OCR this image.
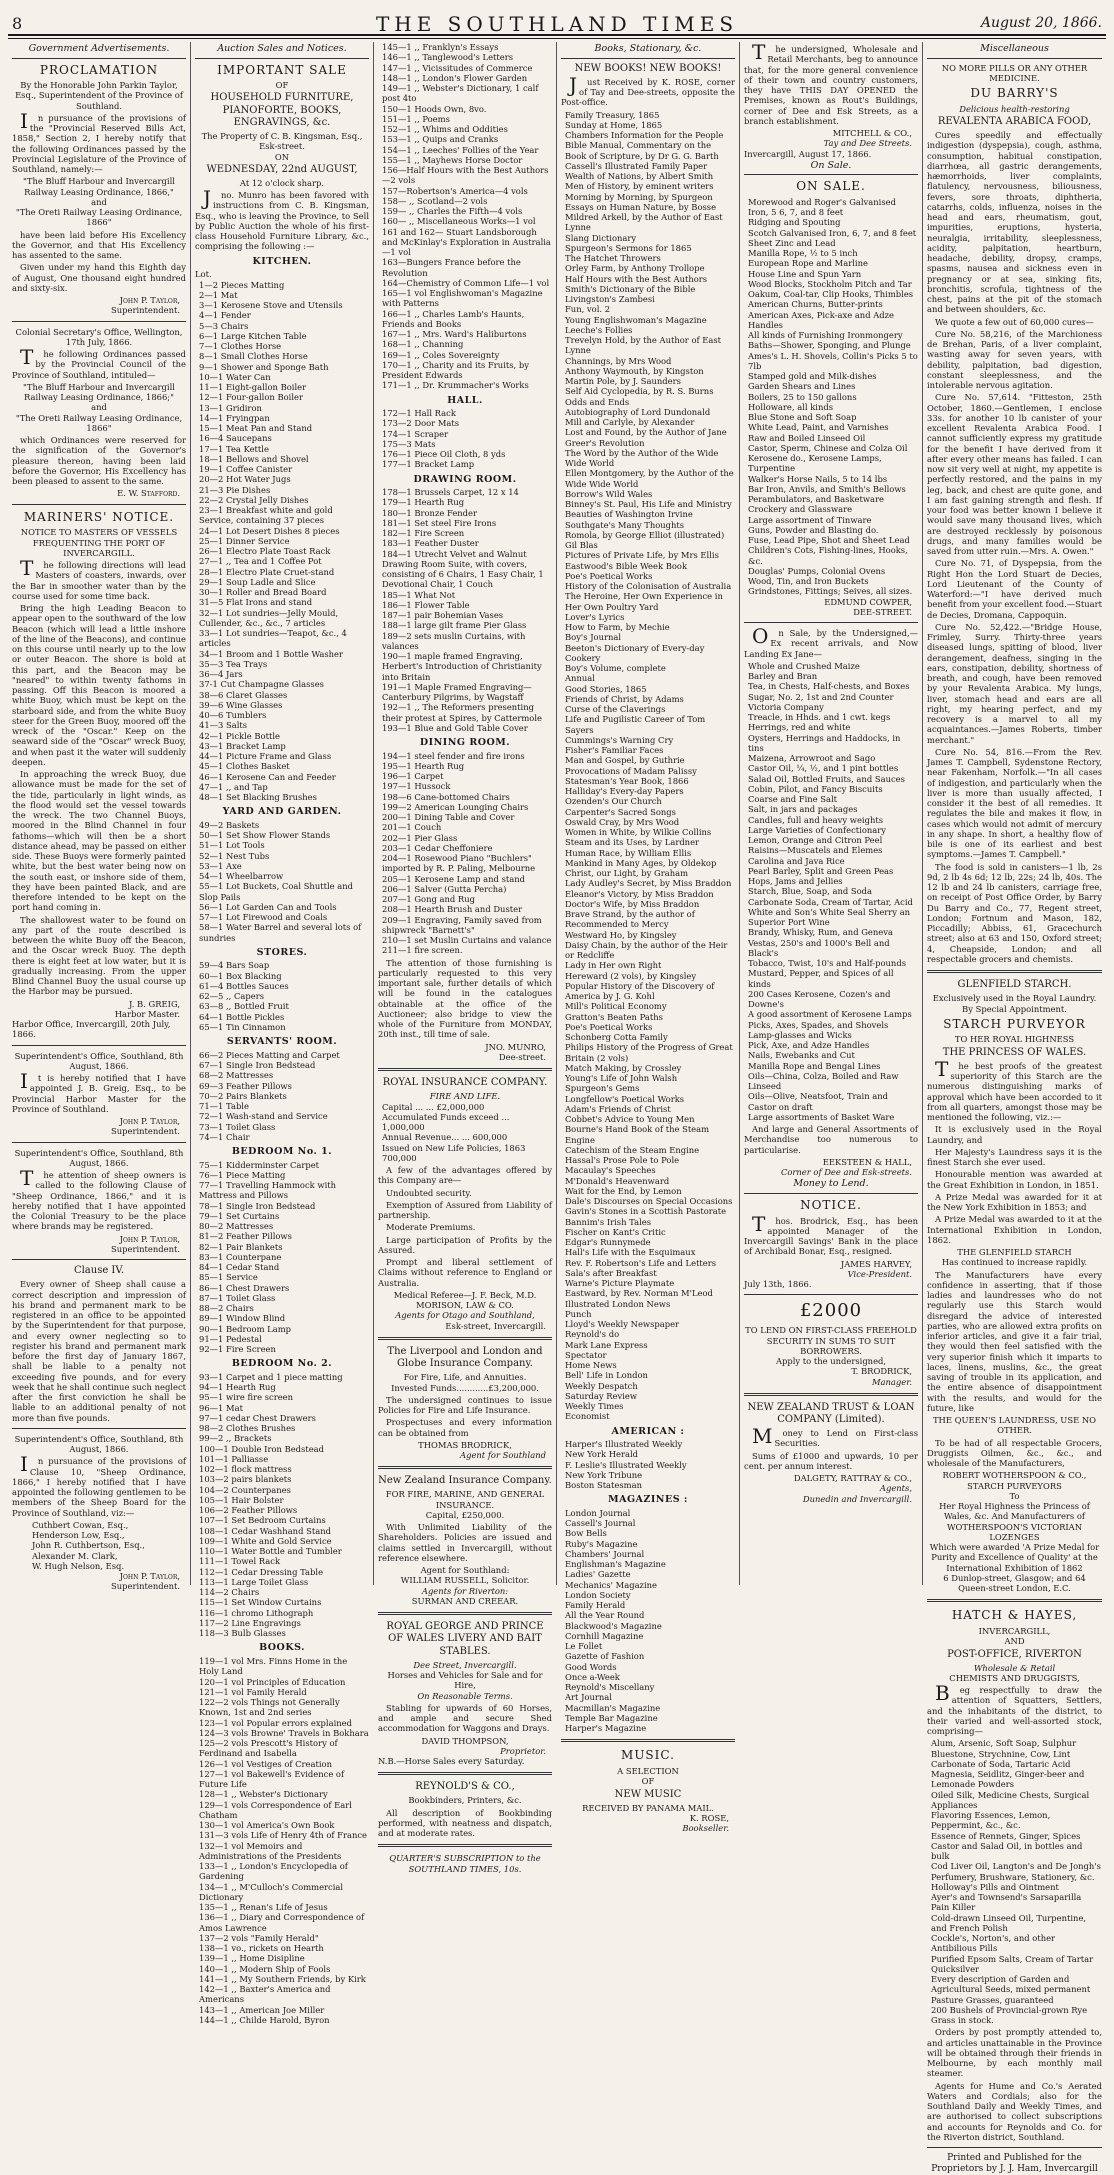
8	THE SOUTHLAND TIMES	August 20, 1866.
Government Advertisements.
PROCLAMATION
By the Honorable John Parkin Taylor, Esq., Superintendent of the Province of Southland.
In pursuance of the provisions of the "Provincial Reserved Bills Act, 1858," Section 2, I hereby notify that the following Ordinances passed by the Provincial Legislature of the Province of Southland, namely:—
"The Bluff Harbour and Invercargill Railway Leasing Ordinance, 1866,"
and
"The Oreti Railway Leasing Ordinance, 1866"
have been laid before His Excellency the Governor, and that His Excellency has assented to the same.
Given under my hand this Eighth day of August, One thousand eight hundred and sixty-six.
John P. Taylor,
Superintendent.
Colonial Secretary's Office, Wellington, 17th July, 1866.
The following Ordinances passed by the Provincial Council of the Province of Southland, intituled—
"The Bluff Harbour and Invercargill Railway Leasing Ordinance, 1866;"
and
"The Oreti Railway Leasing Ordinance, 1866"
which Ordinances were reserved for the signification of the Governor's pleasure thereon, having been laid before the Governor, His Excellency has been pleased to assent to the same.
E. W. Stafford.
MARINERS' NOTICE.
NOTICE TO MASTERS OF VESSELS FREQUENTING THE PORT OF INVERCARGILL.
The following directions will lead Masters of coasters, inwards, over the Bar in smoother water than by the course used for some time back.
Bring the high Leading Beacon to appear open to the southward of the low Beacon (which will lead a little inshore of the line of the Beacons), and continue on this course until nearly up to the low or outer Beacon. The shore is bold at this part, and the Beacon may be "neared" to within twenty fathoms in passing. Off this Beacon is moored a white Buoy, which must be kept on the starboard side, and from the white Buoy steer for the Green Buoy, moored off the wreck of the "Oscar." Keep on the seaward side of the "Oscar" wreck Buoy, and when past it the water will suddenly deepen.
In approaching the wreck Buoy, due allowance must be made for the set of the tide, particularly in light winds, as the flood would set the vessel towards the wreck. The two Channel Buoys, moored in the Blind Channel in four fathoms—which will then be a short distance ahead, may be passed on either side. These Buoys were formerly painted white, but the best water being now on the south east, or inshore side of them, they have been painted Black, and are therefore intended to be kept on the port hand coming in.
The shallowest water to be found on any part of the route described is between the white Buoy off the Beacon, and the Oscar wreck Buoy. The depth there is eight feet at low water, but it is gradually increasing. From the upper Blind Channel Buoy the usual course up the Harbor may be pursued.
J. B. GREIG,
Harbor Master.
Harbor Office, Invercargill, 20th July, 1866.
Superintendent's Office, Southland, 8th August, 1866.
It is hereby notified that I have appointed J. B. Greig, Esq., to be Provincial Harbor Master for the Province of Southland.
John P. Taylor,
Superintendent.
Superintendent's Office, Southland, 8th August, 1866.
The attention of sheep owners is called to the following Clause of "Sheep Ordinance, 1866," and it is hereby notified that I have appointed the Colonial Treasury to be the place where brands may be registered.
John P. Taylor,
Superintendent.
Clause IV.
Every owner of Sheep shall cause a correct description and impression of his brand and permanent mark to be registered in an office to be appointed by the Superintendent for that purpose, and every owner neglecting so to register his brand and permanent mark before the first day of January 1867, shall be liable to a penalty not exceeding five pounds, and for every week that he shall continue such neglect after the first conviction he shall be liable to an additional penalty of not more than five pounds.
Superintendent's Office, Southland, 8th August, 1866.
In pursuance of the provisions of Clause 10, "Sheep Ordinance, 1866," I hereby notified that I have appointed the following gentlemen to be members of the Sheep Board for the Province of Southland, viz:—
Cuthbert Cowan, Esq.,
Henderson Low, Esq.,
John R. Cuthbertson, Esq.,
Alexander M. Clark,
W. Hugh Nelson, Esq.
John P. Taylor,
Superintendent.
Auction Sales and Notices.
IMPORTANT SALE
OF
HOUSEHOLD FURNITURE, PIANOFORTE, BOOKS, ENGRAVINGS, &c.
The Property of C. B. Kingsman, Esq., Esk-street.
ON
WEDNESDAY, 22nd AUGUST,
At 12 o'clock sharp.
Jno. Munro has been favored with instructions from C. B. Kingsman, Esq., who is leaving the Province, to Sell by Public Auction the whole of his first-class Household Furniture Library, &c., comprising the following :—
KITCHEN.
Lot.
1—2 Pieces Matting
2—1 Mat
3—1 Kerosene Stove and Utensils
4—1 Fender
5—3 Chairs
6—1 Large Kitchen Table
7—1 Clothes Horse
8—1 Small Clothes Horse
9—1 Shower and Sponge Bath
10—1 Water Can
11—1 Eight-gallon Boiler
12—1 Four-gallon Boiler
13—1 Gridiron
14—1 Fryingpan
15—1 Meat Pan and Stand
16—4 Saucepans
17—1 Tea Kettle
18—1 Bellows and Shovel
19—1 Coffee Canister
20—2 Hot Water Jugs
21—3 Pie Dishes
22—2 Crystal Jelly Dishes
23—1 Breakfast white and gold Service, containing 37 pieces
24—1 Lot Desert Dishes 8 pieces
25—1 Dinner Service
26—1 Electro Plate Toast Rack
27—1 ,, Tea and 1 Coffee Pot
28—1 Electro Plate Cruet-stand
29—1 Soup Ladle and Slice
30—1 Roller and Bread Board
31—5 Flat Irons and stand
32—1 Lot sundries—Jelly Mould, Cullender, &c., &c., 7 articles
33—1 Lot sundries—Teapot, &c., 4 articles
34—1 Broom and 1 Bottle Washer
35—3 Tea Trays
36—4 Jars
37-1 Cut Champagne Glasses
38—6 Claret Glasses
39—6 Wine Glasses
40—6 Tumblers
41—3 Salts
42—1 Pickle Bottle
43—1 Bracket Lamp
44—1 Picture Frame and Glass
45—1 Clothes Basket
46—1 Kerosene Can and Feeder
47—1 ,, and Tap
48—1 Set Blacking Brushes
YARD AND GARDEN.
49—2 Baskets
50—1 Set Show Flower Stands
51—1 Lot Tools
52—1 Nest Tubs
53—1 Axe
54—1 Wheelbarrow
55—1 Lot Buckets, Coal Shuttle and Slop Pails
56—1 Lot Garden Can and Tools
57—1 Lot Firewood and Coals
58—1 Water Barrel and several lots of sundries
STORES.
59—4 Bars Soap
60—1 Box Blacking
61—4 Bottles Sauces
62—5 ,, Capers
63—8 ,, Bottled Fruit
64—1 Bottle Pickles
65—1 Tin Cinnamon
SERVANTS' ROOM.
66—2 Pieces Matting and Carpet
67—1 Single Iron Bedstead
68—2 Mattresses
69—3 Feather Pillows
70—2 Pairs Blankets
71—1 Table
72—1 Wash-stand and Service
73—1 Toilet Glass
74—1 Chair
BEDROOM No. 1.
75—1 Kidderminster Carpet
76—1 Piece Matting
77—1 Travelling Hammock with Mattress and Pillows
78—1 Single Iron Bedstead
79—1 Set Curtains
80—2 Mattresses
81—2 Feather Pillows
82—1 Pair Blankets
83—1 Counterpane
84—1 Cedar Stand
85—1 Service
86—1 Chest Drawers
87—1 Toilet Glass
88—2 Chairs
89—1 Window Blind
90—1 Bedroom Lamp
91—1 Pedestal
92—1 Fire Screen
BEDROOM No. 2.
93—1 Carpet and 1 piece matting
94—1 Hearth Rug
95—1 wire fire screen
96—1 Mat
97—1 cedar Chest Drawers
98—2 Clothes Brushes
99—2 ,, Brackets
100—1 Double Iron Bedstead
101—1 Palliasse
102—1 flock mattress
103—2 pairs blankets
104—2 Counterpanes
105—1 Hair Bolster
106—2 Feather Pillows
107—1 Set Bedroom Curtains
108—1 Cedar Washhand Stand
109—1 White and Gold Service
110—1 Water Bottle and Tumbler
111—1 Towel Rack
112—1 Cedar Dressing Table
113—1 Large Toilet Glass
114—2 Chairs
115—1 Set Window Curtains
116—1 chromo Lithograph
117—2 Line Engravings
118—3 Bulb Glasses
BOOKS.
119—1 vol Mrs. Finns Home in the Holy Land
120—1 vol Principles of Education
121—1 vol Family Herald
122—2 vols Things not Generally Known, 1st and 2nd series
123—1 vol Popular errors explained
124—3 vols Browne' Travels in Bokhara
125—2 vols Prescott's History of Ferdinand and Isabella
126—1 vol Vestiges of Creation
127—1 vol Bakewell's Evidence of Future Life
128—1 ,, Webster's Dictionary
129—1 vols Correspondence of Earl Chatham
130—1 vol America's Own Book
131—3 vols Life of Henry 4th of France
132—1 vol Memoirs and Administrations of the Presidents
133—1 ,, London's Encyclopedia of Gardening
134—1 ,, M'Culloch's Commercial Dictionary
135—1 ,, Renan's Life of Jesus
136—1 ,, Diary and Correspondence of Amos Lawrence
137—2 vols "Family Herald"
138—1 vo., rickets on Hearth
139—1 ,, Home Disipline
140—1 ,, Modern Ship of Fools
141—1 ,, My Southern Friends, by Kirk
142—1 ,, Baxter's America and Americans
143—1 ,, American Joe Miller
144—1 ,, Childe Harold, Byron
145—1 ,, Franklyn's Essays
146—1 ,, Tanglewood's Letters
147—1 ,, Vicissitudes of Commerce
148—1 ,, London's Flower Garden
149—1 ,, Webster's Dictionary, 1 calf post 4to
150—1 Hoods Own, 8vo.
151—1 ,, Poems
152—1 ,, Whims and Oddities
153—1 ,, Quips and Cranks
154—1 ,, Leeches' Follies of the Year
155—1 ,, Mayhews Horse Doctor
156—Half Hours with the Best Authors—2 vols
157—Robertson's America—4 vols
158— ,, Scotland—2 vols
159— ,, Charles the Fifth—4 vols
160— ,, Miscellaneous Works—1 vol
161 and 162— Stuart Landsborough and McKinlay's Exploration in Australia —1 vol
163—Bungers France before the Revolution
164—Chemistry of Common Life—1 vol
165—1 vol Englishwoman's Magazine with Patterns
166—1 ,, Charles Lamb's Haunts, Friends and Books
167—1 ,, Mrs. Ward's Haliburtons
168—1 ,, Channing
169—1 ,, Coles Sovereignty
170—1 ,, Charity and its Fruits, by President Edwards
171—1 ,, Dr. Krummacher's Works
HALL.
172—1 Hall Rack
173—2 Door Mats
174—1 Scraper
175—3 Mats
176—1 Piece Oil Cloth, 8 yds
177—1 Bracket Lamp
DRAWING ROOM.
178—1 Brussels Carpet, 12 x 14
179—1 Hearth Rug
180—1 Bronze Fender
181—1 Set steel Fire Irons
182—1 Fire Screen
183—1 Feather Duster
184—1 Utrecht Velvet and Walnut Drawing Room Suite, with covers, consisting of 6 Chairs, 1 Easy Chair, 1 Devotional Chair, 1 Couch
185—1 What Not
186—1 Flower Table
187—1 pair Bohemian Vases
188—1 large gilt frame Pier Glass
189—2 sets muslin Curtains, with valances
190—1 maple framed Engraving, Herbert's Introduction of Christianity into Britain
191—1 Maple Framed Engraving—Canterbury Pilgrims, by Wagstaff
192—1 ,, The Reformers presenting their protest at Spires, by Cattermole
193—1 Blue and Gold Table Cover
DINING ROOM.
194—1 steel fender and fire irons
195—1 Hearth Rug
196—1 Carpet
197—1 Hussock
198—6 Cane-bottomed Chairs
199—2 American Lounging Chairs
200—1 Dining Table and Cover
201—1 Couch
202—1 Pier Glass
203—1 Cedar Cheffoniere
204—1 Rosewood Piano "Buchlers" imported by R. P. Paling, Melbourne
205—1 Kerosene Lamp and stand
206—1 Salver (Gutta Percha)
207—1 Gong and Rug
208—1 Hearth Brush and Duster
209—1 Engraving, Family saved from shipwreck "Barnett's"
210—1 set Muslin Curtains and valance
211—1 fire screen.
The attention of those furnishing is particularly requested to this very important sale, further details of which will be found in the catalogues obtainable at the office of the Auctioneer; also bridge to view the whole of the Furniture from MONDAY, 20th inst., till time of sale.
JNO. MUNRO,
Dee-street.
ROYAL INSURANCE COMPANY.
FIRE AND LIFE.
Capital ... ... £2,000,000
Accumulated Funds exceed ... 1,000,000
Annual Revenue... ... 600,000
Issued on New Life Policies, 1863 700,000
A few of the advantages offered by this Company are—
Undoubted security.
Exemption of Assured from Liability of partnership.
Moderate Premiums.
Large participation of Profits by the Assured.
Prompt and liberal settlement of Claims without reference to England or Australia.
Medical Referee—J. F. Beck, M.D.
MORISON, LAW & CO.
Agents for Otago and Southland,
Esk-street, Invercargill.
The Liverpool and London and Globe Insurance Company.
For Fire, Life, and Annuities.
Invested Funds............£3,200,000.
The undersigned continues to issue Policies for Fire and Life Insurance.
Prospectuses and every information can be obtained from
THOMAS BRODRICK,
Agent for Southland
New Zealand Insurance Company.
FOR FIRE, MARINE, AND GENERAL INSURANCE.
Capital, £250,000.
With Unlimited Liability of the Shareholders. Policies are issued and claims settled in Invercargill, without reference elsewhere.
Agent for Southland:
WILLIAM RUSSELL, Solicitor.
Agents for Riverton:
SURMAN AND CREEAR.
ROYAL GEORGE AND PRINCE OF WALES LIVERY AND BAIT STABLES.
Dee Street, Invercargill.
Horses and Vehicles for Sale and for Hire,
On Reasonable Terms.
Stabling for upwards of 60 Horses, and ample and secure Shed accommodation for Waggons and Drays.
DAVID THOMPSON,
Proprietor.
N.B.—Horse Sales every Saturday.
REYNOLD'S & CO.,
Bookbinders, Printers, &c.
All description of Bookbinding performed, with neatness and dispatch, and at moderate rates.
QUARTER'S SUBSCRIPTION to the SOUTHLAND TIMES, 10s.
Books, Stationary, &c.
NEW BOOKS! NEW BOOKS!
Just Received by K. ROSE, corner of Tay and Dee-streets, opposite the Post-office.
Family Treasury, 1865
Sunday at Home, 1865
Chambers Information for the People
Bible Manual, Commentary on the Book of Scripture, by Dr G. G. Barth
Cassell's Illustrated Family Paper
Wealth of Nations, by Albert Smith
Men of History, by eminent writers
Morning by Morning, by Spurgeon
Essays on Human Nature, by Bosse
Mildred Arkell, by the Author of East Lynne
Slang Dictionary
Spurgeon's Sermons for 1865
The Hatchet Throwers
Orley Farm, by Anthony Trollope
Half Hours with the Best Authors
Smith's Dictionary of the Bible
Livingston's Zambesi
Fun, vol. 2
Young Englishwoman's Magazine
Leeche's Follies
Trevelyn Hold, by the Author of East Lynne
Channings, by Mrs Wood
Anthony Waymouth, by Kingston
Martin Pole, by J. Saunders
Self Aid Cyclopedia, by R. S. Burns
Odds and Ends
Autobiography of Lord Dundonald
Mill and Carlyle, by Alexander
Lost and Found, by the Author of Jane Greer's Revolution
The Word by the Author of the Wide Wide World
Ellen Montgomery, by the Author of the Wide Wide World
Borrow's Wild Wales
Binney's St. Paul, His Life and Ministry
Beauties of Washington Irvine
Southgate's Many Thoughts
Romola, by George Elliot (illustrated)
Gil Blas
Pictures of Private Life, by Mrs Ellis
Eastwood's Bible Week Book
Poe's Poetical Works
History of the Colonisation of Australia
The Heroine, Her Own Experience in Her Own Poultry Yard
Lover's Lyrics
How to Farm, by Mechie
Boy's Journal
Beeton's Dictionary of Every-day Cookery
Boy's Volume, complete
Annual
Good Stories, 1865
Friends of Christ, by Adams
Curse of the Claverings
Life and Pugilistic Career of Tom Sayers
Cummings's Warning Cry
Fisher's Familiar Faces
Man and Gospel, by Guthrie
Provocations of Madam Palissy
Statesman's Year Book, 1866
Halliday's Every-day Papers
Ozenden's Our Church
Carpenter's Sacred Songs
Oswald Cray, by Mrs Wood
Women in White, by Wilkie Collins
Steam and its Uses, by Lardner
Human Race, by William Ellis
Mankind in Many Ages, by Oldekop
Christ, our Light, by Graham
Lady Audley's Secret, by Miss Braddon
Eleanor's Victory, by Miss Braddon
Doctor's Wife, by Miss Braddon
Brave Strand, by the author of Recommended to Mercy
Westward Ho, by Kingsley
Daisy Chain, by the author of the Heir or Redcliffe
Lady in Her own Right
Hereward (2 vols), by Kingsley
Popular History of the Discovery of America by J. G. Kohl
Mill's Political Economy
Gratton's Beaten Paths
Poe's Poetical Works
Schonberg Cotta Family
Philips History of the Progress of Great Britain (2 vols)
Match Making, by Crossley
Young's Life of John Walsh
Spurgeon's Gems
Longfellow's Poetical Works
Adam's Friends of Christ
Cobbet's Advice to Young Men
Bourne's Hand Book of the Steam Engine
Catechism of the Steam Engine
Hassal's Prose Pole to Pole
Macaulay's Speeches
M'Donald's Heavenward
Wait for the End, by Lemon
Dale's Discourses on Special Occasions
Gavin's Stones in a Scottish Pastorate
Bannim's Irish Tales
Fischer on Kant's Critic
Edgar's Runnymede
Hall's Life with the Esquimaux
Rev. F. Robertson's Life and Letters
Sala's after Breakfast
Warne's Picture Playmate
Eastward, by Rev. Norman M'Leod
Illustrated London News
Punch
Lloyd's Weekly Newspaper
Reynold's do
Mark Lane Express
Spectator
Home News
Bell' Life in London
Weekly Despatch
Saturday Review
Weekly Times
Economist
AMERICAN :
Harper's Illustrated Weekly
New York Herald
F. Leslie's Illustrated Weekly
New York Tribune
Boston Statesman
MAGAZINES :
London Journal
Cassell's Journal
Bow Bells
Ruby's Magazine
Chambers' Journal
Englishman's Magazine
Ladies' Gazette
Mechanics' Magazine
London Society
Family Herald
All the Year Round
Blackwood's Magazine
Cornhill Magazine
Le Follet
Gazette of Fashion
Good Words
Once a-Week
Reynold's Miscellany
Art Journal
Macmillan's Magazine
Temple Bar Magazine
Harper's Magazine
MUSIC.
A SELECTION
OF
NEW MUSIC
RECEIVED BY PANAMA MAIL.
K. ROSE,
Bookseller.
The undersigned, Wholesale and Retail Merchants, beg to announce that, for the more general convenience of their town and country customers, they have THIS DAY OPENED the Premises, known as Rout's Buildings, corner of Dee and Esk Streets, as a branch establishment.
MITCHELL & CO.,
Tay and Dee Streets.
Invercargill, August 17, 1866.
On Sale.
ON SALE.
Morewood and Roger's Galvanised Iron, 5 6, 7, and 8 feet
Ridging and Spouting
Scotch Galvanised Iron, 6, 7, and 8 feet
Sheet Zinc and Lead
Manilla Rope, ½ to 5 inch
European Rope and Marline
House Line and Spun Yarn
Wood Blocks, Stockholm Pitch and Tar
Oakum, Coal-tar, Clip Hooks, Thimbles
American Churns, Butter-prints
American Axes, Pick-axe and Adze Handles
All kinds of Furnishing Ironmongery
Baths—Shower, Sponging, and Plunge
Ames's L. H. Shovels, Collin's Picks 5 to 7lb
Stamped gold and Milk-dishes
Garden Shears and Lines
Boilers, 25 to 150 gallons
Holloware, all kinds
Blue Stone and Soft Soap
White Lead, Paint, and Varnishes
Raw and Boiled Linseed Oil
Castor, Sperm, Chinese and Colza Oil
Kerosene do., Kerosene Lamps, Turpentine
Walker's Horse Nails, 5 to 14 lbs
Bar Iron, Anvils, and Smith's Bellows
Perambulators, and Basketware
Crockery and Glassware
Large assortment of Tinware
Guns, Powder and Blasting do.
Fuse, Lead Pipe, Shot and Sheet Lead
Children's Cots, Fishing-lines, Hooks, &c.
Douglas' Pumps, Colonial Ovens
Wood, Tin, and Iron Buckets
Grindstones, Fittings; Seives, all sizes.
EDMUND COWPER,
DEE-STREET.
On Sale, by the Undersigned,— Ex recent arrivals, and Now Landing Ex Jane—
Whole and Crushed Maize
Barley and Bran
Tea, in Chests, Half-chests, and Boxes
Sugar, No. 2, 1st and 2nd Counter Victoria Company
Treacle, in Hhds. and 1 cwt. kegs
Herrings, red and white
Oysters, Herrings and Haddocks, in tins
Maizena, Arrowroot and Sago
Castor Oil, ¼, ½, and 1 pint bottles
Salad Oil, Bottled Fruits, and Sauces
Cobin, Pilot, and Fancy Biscuits
Coarse and Fine Salt
Salt, in jars and packages
Candles, full and heavy weights
Large Varieties of Confectionary
Lemon, Orange and Citron Peel
Raisins—Muscatels and Elemes
Carolina and Java Rice
Pearl Barley, Split and Green Peas
Hops, Jams and Jellies
Starch, Blue, Soap, and Soda
Carbonate Soda, Cream of Tartar, Acid
White and Son's White Seal Sherry an
Superior Port Wine
Brandy, Whisky, Rum, and Geneva
Vestas, 250's and 1000's Bell and Black's
Tobacco, Twist, 10's and Half-pounds
Mustard, Pepper, and Spices of all kinds
200 Cases Kerosene, Cozen's and Downe's
A good assortment of Kerosene Lamps
Picks, Axes, Spades, and Shovels
Lamp-glasses and Wicks
Pick, Axe, and Adze Handles
Nails, Ewebanks and Cut
Manilla Rope and Bengal Lines
Oils—China, Colza, Boiled and Raw Linseed
Oils—Olive, Neatsfoot, Train and Castor on draft
Large assortments of Basket Ware
And large and General Assortments of Merchandise too numerous to particularise.
EEKSTEEN & HALL,
Corner of Dee and Esk-streets.
Money to Lend.
NOTICE.
Thos. Brodrick, Esq., has been appointed Manager of the Invercargill Savings' Bank in the place of Archibald Bonar, Esq., resigned.
JAMES HARVEY,
Vice-President.
July 13th, 1866.
£2000
TO LEND ON FIRST-CLASS FREEHOLD SECURITY IN SUMS TO SUIT BORROWERS.
Apply to the undersigned,
T. BRODRICK,
Manager.
NEW ZEALAND TRUST & LOAN COMPANY (Limited).
Money to Lend on First-class Securities.
Sums of £1000 and upwards, 10 per cent. per annum interest.
DALGETY, RATTRAY & CO.,
Agents,
Dunedin and Invercargill.
Miscellaneous
NO MORE PILLS OR ANY OTHER MEDICINE.
DU BARRY'S
Delicious health-restoring
REVALENTA ARABICA FOOD,
Cures speedily and effectually indigestion (dyspepsia), cough, asthma, consumption, habitual constipation, diarrhœa, all gastric derangements, hæmorrhoids, liver complaints, flatulency, nervousness, biliousness, fevers, sore throats, diphtheria, catarrhs, colds, influenza, noises in the head and ears, rheumatism, gout, impurities, eruptions, hysteria, neuralgia, irritability, sleeplessness, acidity, palpitation, heartburn, headache, debility, dropsy, cramps, spasms, nausea and sickness even in pregnancy or at sea, sinking fits, bronchitis, scrofula, tightness of the chest, pains at the pit of the stomach and between shoulders, &c.
We quote a few out of 60,000 cures—
Cure No. 58,216, of the Marchioness de Brehan, Paris, of a liver complaint, wasting away for seven years, with debility, palpitation, bad digestion, constant sleeplessness, and the intolerable nervous agitation.
Cure No. 57,614. "Fitteston, 25th October, 1860.—Gentlemen, I enclose 33s. for another 10 lb canister of your excellent Revalenta Arabica Food. I cannot sufficiently express my gratitude for the benefit I have derived from it after every other means has failed. I can now sit very well at night, my appetite is perfectly restored, and the pains in my leg, back, and chest are quite gone, and I am fast gaining strength and flesh. If your food was better known I believe it would save many thousand lives, which are destroyed recklessly by poisonous drugs, and many families would be saved from utter ruin.—Mrs. A. Owen."
Cure No. 71, of Dyspepsia, from the Right Hon the Lord Stuart de Decies, Lord Lieutenant of the County of Waterford:—"I have derived much benefit from your excellent food.—Stuart de Decies, Dromana, Cappoquin.
Cure No. 52,422.—"Bridge House, Frimley, Surry. Thirty-three years diseased lungs, spitting of blood, liver derangement, deafness, singing in the ears, constipation, debility, shortness of breath, and cough, have been removed by your Revalenta Arabica. My lungs, liver, stomach head and ears are all right, my hearing perfect, and my recovery is a marvel to all my acquaintances.—James Roberts, timber merchant."
Cure No. 54, 816.—From the Rev. James T. Campbell, Sydenstone Rectory, near Fakenham, Norfolk.—"In all cases of indigestion, and particularly when the liver is more than usually affected, I consider it the best of all remedies. It regulates the bile and makes it flow, in cases which would not admit of mercury in any shape. In short, a healthy flow of bile is one of its earliest and best symptoms.—James T. Campbell."
The food is sold in canisters—1 lb, 2s 9d, 2 lb 4s 6d; 12 lb, 22s; 24 lb, 40s. The 12 lb and 24 lb canisters, carriage free, on receipt of Post Office Order, by Barry Du Barry and Co., 77, Regent street, London; Fortnum and Mason, 182, Piccadilly; Abbiss, 61, Gracechurch street; also at 63 and 150, Oxford street; 4, Cheapside, London; and all respectable grocers and chemists.
GLENFIELD STARCH.
Exclusively used in the Royal Laundry.
By Special Appointment.
STARCH PURVEYOR
TO HER ROYAL HIGHNESS
THE PRINCESS OF WALES.
The best proofs of the greatest superiority of this Starch are the numerous distinguishing marks of approval which have been accorded to it from all quarters, amongst those may be mentioned the following, viz.:—
It is exclusively used in the Royal Laundry, and
Her Majesty's Laundress says it is the finest Starch she ever used.
Honourable mention was awarded at the Great Exhibition in London, in 1851.
A Prize Medal was awarded for it at the New York Exhibition in 1853; and
A Prize Medal was awarded to it at the International Exhibition in London, 1862.
THE GLENFIELD STARCH
Has continued to increase rapidly.
The Manufacturers have every confidence in asserting, that if those ladies and laundresses who do not regularly use this Starch would disregard the advice of interested parties, who are allowed extra profits on inferior articles, and give it a fair trial, they would then feel satisfied with the very superior finish which it imparts to laces, linens, muslins, &c., the great saving of trouble in its application, and the entire absence of disappointment with the results, and would for the future, like
THE QUEEN'S LAUNDRESS, USE NO OTHER.
To be had of all respectable Grocers, Druggists Oilmen, &c., &c., and wholesale of the Manufacturers,
ROBERT WOTHERSPOON & CO., STARCH PURVEYORS
To
Her Royal Highness the Princess of Wales, &c. And Manufacturers of
WOTHERSPOON'S VICTORIAN LOZENGES
Which were awarded 'A Prize Medal for Purity and Excellence of Quality' at the International Exhibition of 1862
6 Dunlop-street, Glasgow; and 64 Queen-street London, E.C.
HATCH & HAYES,
INVERCARGILL,
AND
POST-OFFICE, RIVERTON
Wholesale & Retail
CHEMISTS AND DRUGGISTS,
Beg respectfully to draw the attention of Squatters, Settlers, and the inhabitants of the district, to their varied and well-assorted stock, comprising—
Alum, Arsenic, Soft Soap, Sulphur
Bluestone, Strychnine, Cow, Lint
Carbonate of Soda, Tartaric Acid
Magnesia, Seidlitz, Ginger-beer and Lemonade Powders
Oiled Silk, Medicine Chests, Surgical Appliances
Flavoring Essences, Lemon, Peppermint, &c., &c.
Essence of Rennets, Ginger, Spices
Castor and Salad Oil, in bottles and bulk
Cod Liver Oil, Langton's and De Jongh's
Perfumery, Brushware, Stationery, &c.
Holloway's Pills and Ointment
Ayer's and Townsend's Sarsaparilla
Pain Killer
Cold-drawn Linseed Oil, Turpentine, and French Polish
Cockle's, Norton's, and other Antibilious Pills
Purified Epsom Salts, Cream of Tartar Quicksilver
Every description of Garden and Agricultural Seeds, mixed permanent Pasture Grasses, guaranteed
200 Bushels of Provincial-grown Rye Grass in stock.
Orders by post promptly attended to, and articles unattainable in the Province will be obtained through their friends in Melbourne, by each monthly mail steamer.
Agents for Hume and Co.'s Aerated Waters and Cordials; also for the Southland Daily and Weekly Times, and are authorised to collect subscriptions and accounts for Reynolds and Co. for the Riverton district, Southland.
Printed and Published for the Proprietors by J. J. Ham, Invercargill
